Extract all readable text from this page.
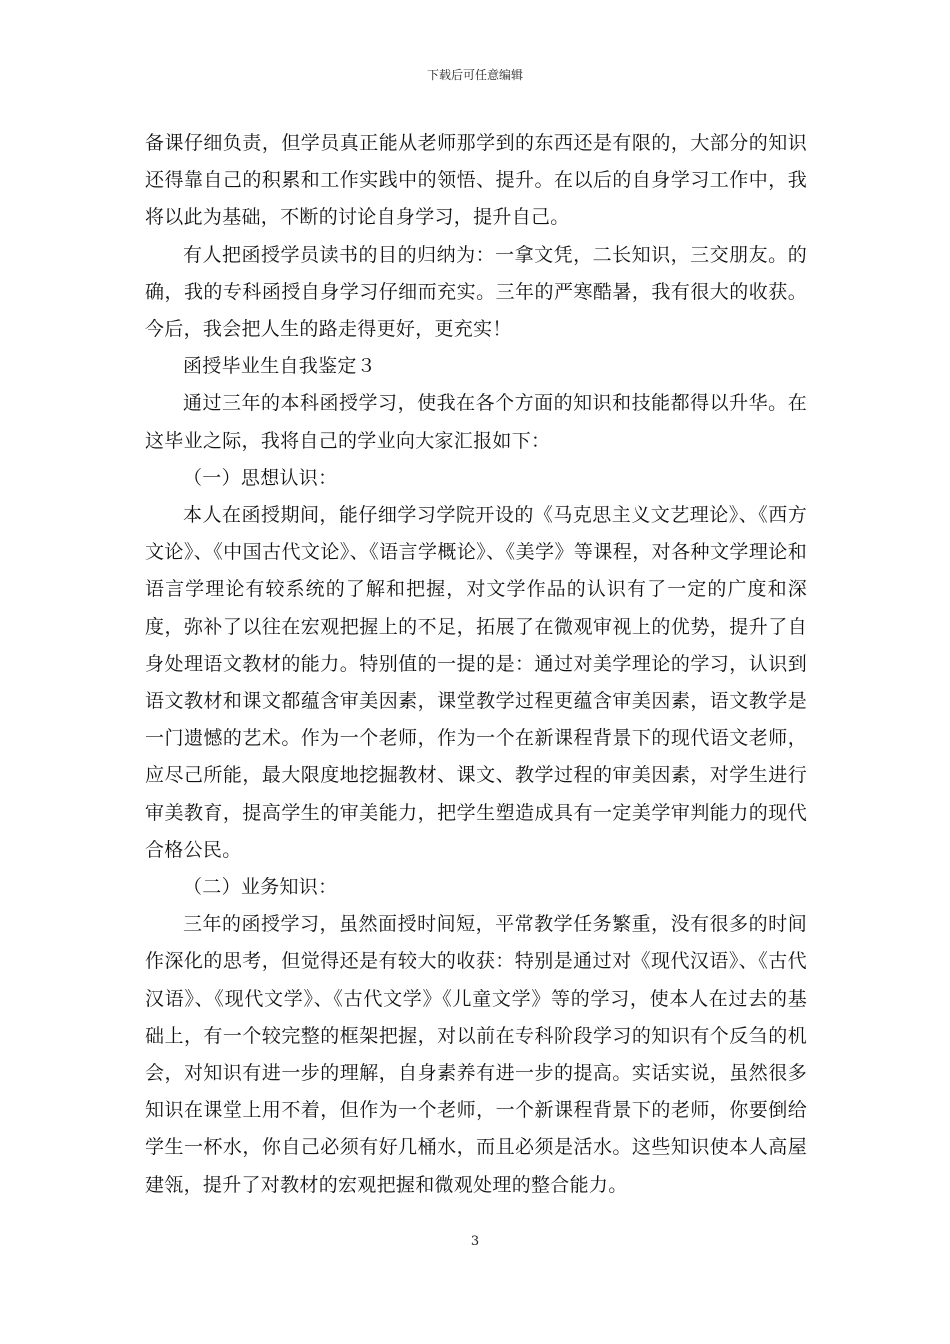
下载后可任意编辑

备课仔细负责，但学员真正能从老师那学到的东西还是有限的，大部分的知识还得靠自己的积累和工作实践中的领悟、提升。在以后的自身学习工作中，我将以此为基础，不断的讨论自身学习，提升自己。

有人把函授学员读书的目的归纳为：一拿文凭，二长知识，三交朋友。的确，我的专科函授自身学习仔细而充实。三年的严寒酷暑，我有很大的收获。今后，我会把人生的路走得更好，更充实！

函授毕业生自我鉴定３

通过三年的本科函授学习，使我在各个方面的知识和技能都得以升华。在这毕业之际，我将自己的学业向大家汇报如下：

（一）思想认识：

本人在函授期间，能仔细学习学院开设的《马克思主义文艺理论》、《西方文论》、《中国古代文论》、《语言学概论》、《美学》等课程，对各种文学理论和语言学理论有较系统的了解和把握，对文学作品的认识有了一定的广度和深度，弥补了以往在宏观把握上的不足，拓展了在微观审视上的优势，提升了自身处理语文教材的能力。特别值的一提的是：通过对美学理论的学习，认识到语文教材和课文都蕴含审美因素，课堂教学过程更蕴含审美因素，语文教学是一门遗憾的艺术。作为一个老师，作为一个在新课程背景下的现代语文老师，应尽己所能，最大限度地挖掘教材、课文、教学过程的审美因素，对学生进行审美教育，提高学生的审美能力，把学生塑造成具有一定美学审判能力的现代合格公民。

（二）业务知识：

三年的函授学习，虽然面授时间短，平常教学任务繁重，没有很多的时间作深化的思考，但觉得还是有较大的收获：特别是通过对《现代汉语》、《古代汉语》、《现代文学》、《古代文学》《儿童文学》等的学习，使本人在过去的基础上，有一个较完整的框架把握，对以前在专科阶段学习的知识有个反刍的机会，对知识有进一步的理解，自身素养有进一步的提高。实话实说，虽然很多知识在课堂上用不着，但作为一个老师，一个新课程背景下的老师，你要倒给学生一杯水，你自己必须有好几桶水，而且必须是活水。这些知识使本人高屋建瓴，提升了对教材的宏观把握和微观处理的整合能力。

3
